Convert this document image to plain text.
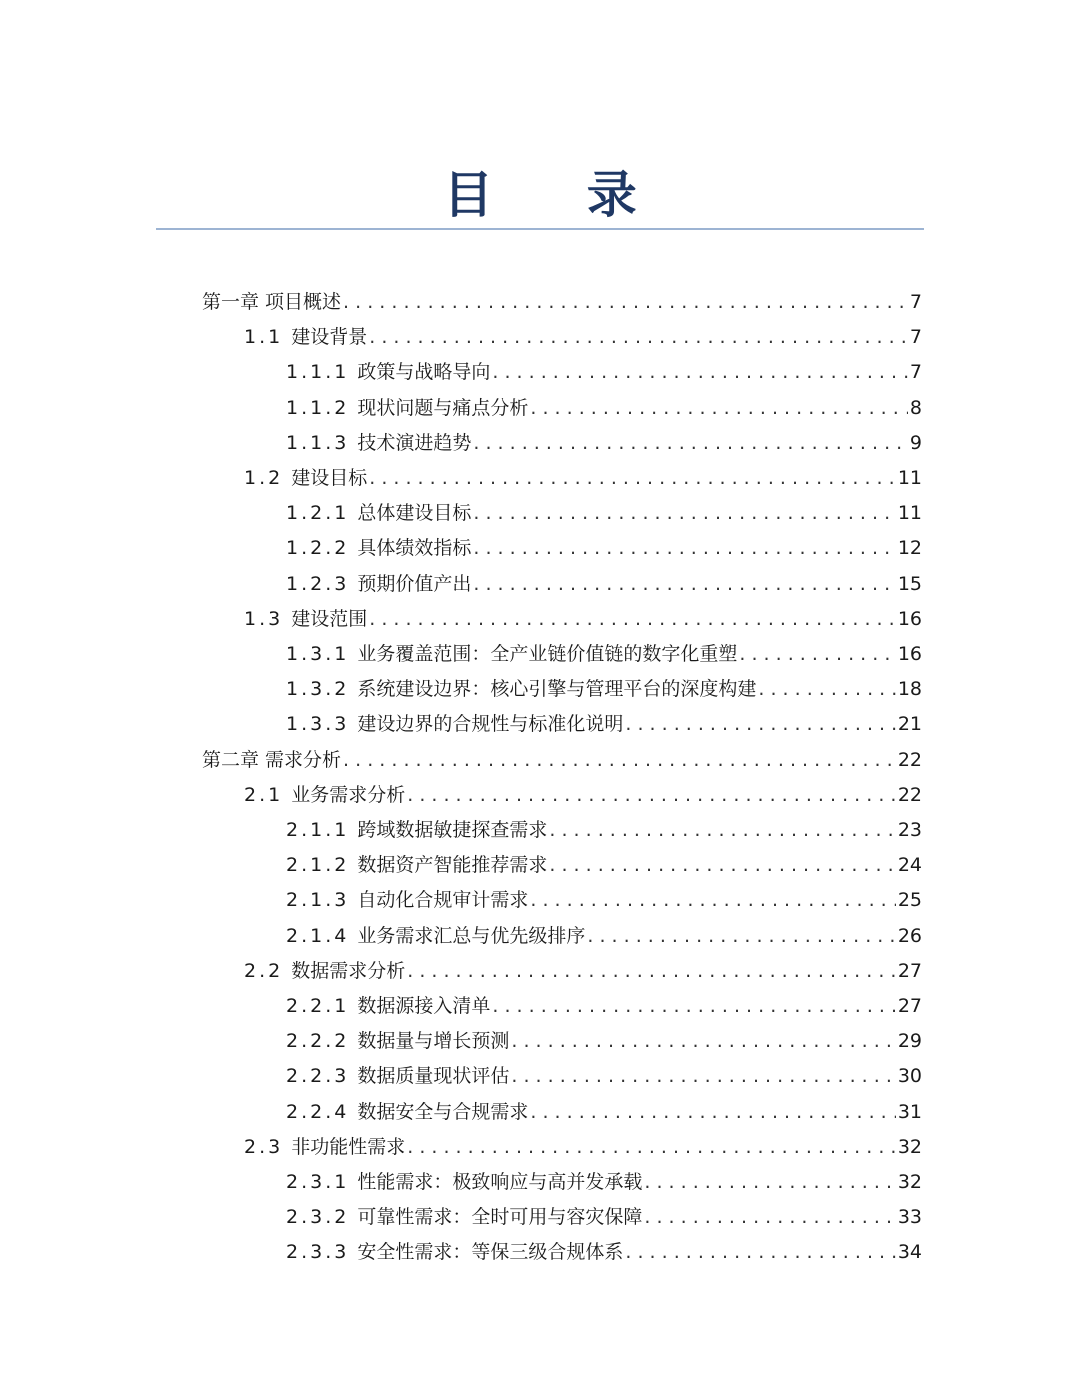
目 录
第一章 项目概述 . . .	7
1.1 建设背景 . . .	7
1.1.1 政策与战略导向 . . .	7
1.1.2 现状问题与痛点分析 . . .	8
1.1.3 技术演进趋势 . . .	9
1.2 建设目标 . . .	11
1.2.1 总体建设目标 . . .	11
1.2.2 具体绩效指标 . . .	12
1.2.3 预期价值产出 . . .	15
1.3 建设范围 . . .	16
1.3.1 业务覆盖范围：全产业链价值链的数字化重塑 . . .	16
1.3.2 系统建设边界：核心引擎与管理平台的深度构建 . . .	18
1.3.3 建设边界的合规性与标准化说明 . . .	21
第二章 需求分析 . . .	22
2.1 业务需求分析 . . .	22
2.1.1 跨域数据敏捷探查需求 . . .	23
2.1.2 数据资产智能推荐需求 . . .	24
2.1.3 自动化合规审计需求 . . .	25
2.1.4 业务需求汇总与优先级排序 . . .	26
2.2 数据需求分析 . . .	27
2.2.1 数据源接入清单 . . .	27
2.2.2 数据量与增长预测 . . .	29
2.2.3 数据质量现状评估 . . .	30
2.2.4 数据安全与合规需求 . . .	31
2.3 非功能性需求 . . .	32
2.3.1 性能需求：极致响应与高并发承载 . . .	32
2.3.2 可靠性需求：全时可用与容灾保障 . . .	33
2.3.3 安全性需求：等保三级合规体系 . . .	34
